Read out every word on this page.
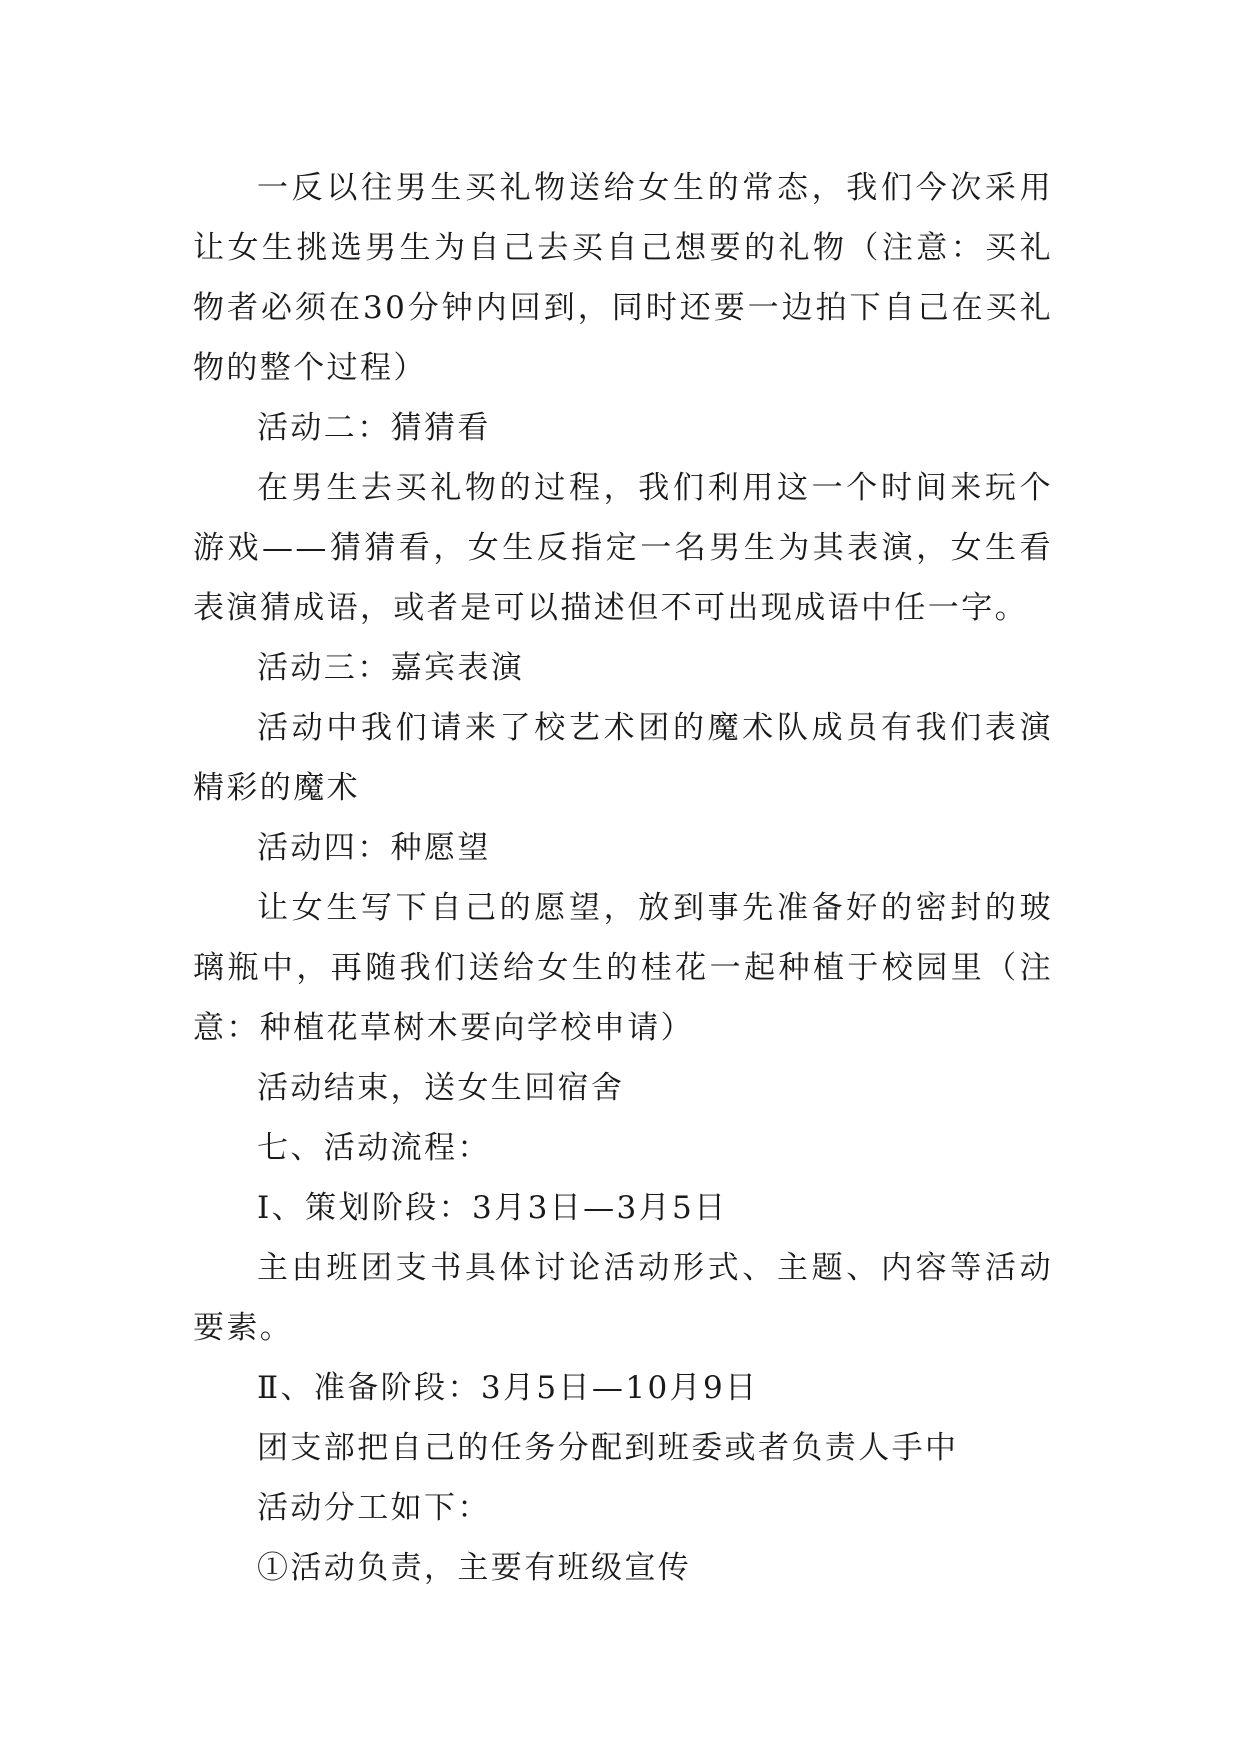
一反以往男生买礼物送给女生的常态，我们今次采用让女生挑选男生为自己去买自己想要的礼物（注意：买礼物者必须在30分钟内回到，同时还要一边拍下自己在买礼物的整个过程）

活动二：猜猜看

在男生去买礼物的过程，我们利用这一个时间来玩个游戏——猜猜看，女生反指定一名男生为其表演，女生看表演猜成语，或者是可以描述但不可出现成语中任一字。

活动三：嘉宾表演

活动中我们请来了校艺术团的魔术队成员有我们表演精彩的魔术

活动四：种愿望

让女生写下自己的愿望，放到事先准备好的密封的玻璃瓶中，再随我们送给女生的桂花一起种植于校园里（注意：种植花草树木要向学校申请）

活动结束，送女生回宿舍

七、活动流程：

Ⅰ、策划阶段：3月3日—3月5日

主由班团支书具体讨论活动形式、主题、内容等活动要素。

Ⅱ、准备阶段：3月5日—10月9日

团支部把自己的任务分配到班委或者负责人手中

活动分工如下：

①活动负责，主要有班级宣传
